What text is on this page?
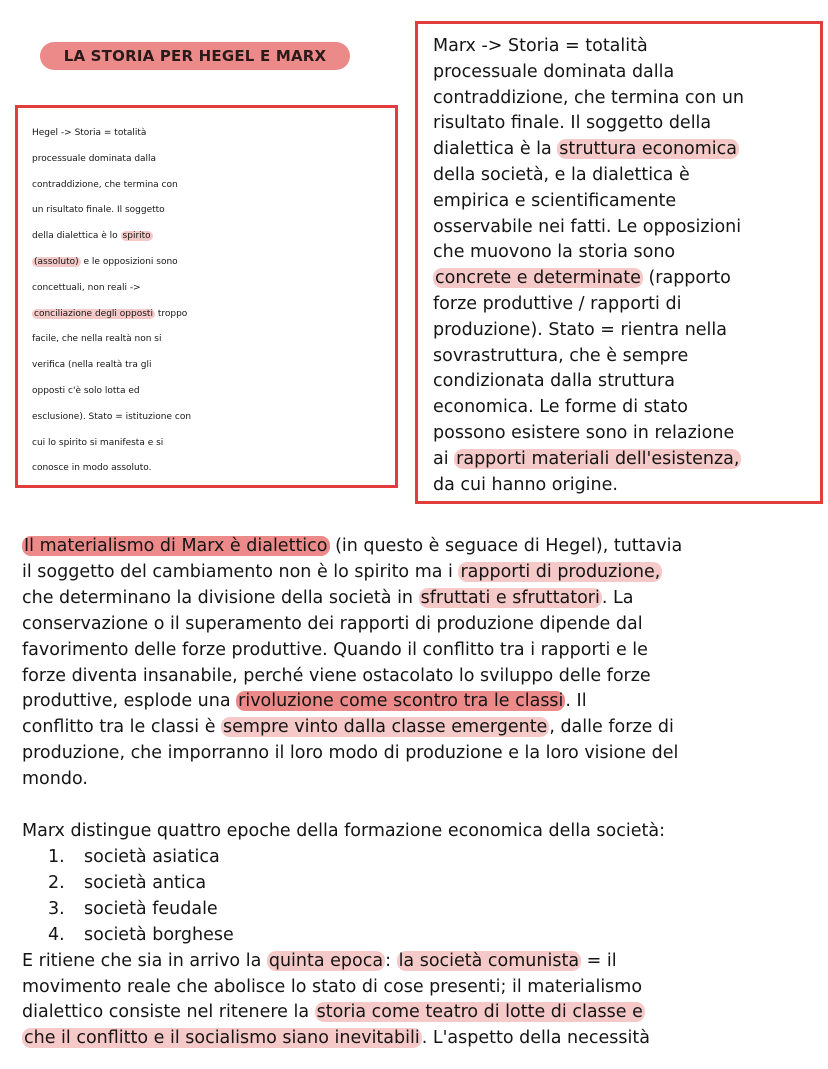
LA STORIA PER HEGEL E MARX
Hegel -> Storia = totalità
processuale dominata dalla
contraddizione, che termina con
un risultato finale. Il soggetto
della dialettica è lo spirito
(assoluto) e le opposizioni sono
concettuali, non reali ->
conciliazione degli opposti troppo
facile, che nella realtà non si
verifica (nella realtà tra gli
opposti c'è solo lotta ed
esclusione). Stato = istituzione con
cui lo spirito si manifesta e si
conosce in modo assoluto.
Marx -> Storia = totalità
processuale dominata dalla
contraddizione, che termina con un
risultato finale. Il soggetto della
dialettica è la struttura economica
della società, e la dialettica è
empirica e scientificamente
osservabile nei fatti. Le opposizioni
che muovono la storia sono
concrete e determinate (rapporto
forze produttive / rapporti di
produzione). Stato = rientra nella
sovrastruttura, che è sempre
condizionata dalla struttura
economica. Le forme di stato
possono esistere sono in relazione
ai rapporti materiali dell'esistenza,
da cui hanno origine.
Il materialismo di Marx è dialettico (in questo è seguace di Hegel), tuttavia
il soggetto del cambiamento non è lo spirito ma i rapporti di produzione,
che determinano la divisione della società in sfruttati e sfruttatori . La
conservazione o il superamento dei rapporti di produzione dipende dal
favorimento delle forze produttive. Quando il conflitto tra i rapporti e le
forze diventa insanabile, perché viene ostacolato lo sviluppo delle forze
produttive, esplode una rivoluzione come scontro tra le classi . Il
conflitto tra le classi è sempre vinto dalla classe emergente , dalle forze di
produzione, che imporranno il loro modo di produzione e la loro visione del
mondo.
Marx distingue quattro epoche della formazione economica della società:
1. società asiatica
2. società antica
3. società feudale
4. società borghese
E ritiene che sia in arrivo la quinta epoca : la società comunista = il
movimento reale che abolisce lo stato di cose presenti; il materialismo
dialettico consiste nel ritenere la storia come teatro di lotte di classe e
che il conflitto e il socialismo siano inevitabili . L'aspetto della necessità
